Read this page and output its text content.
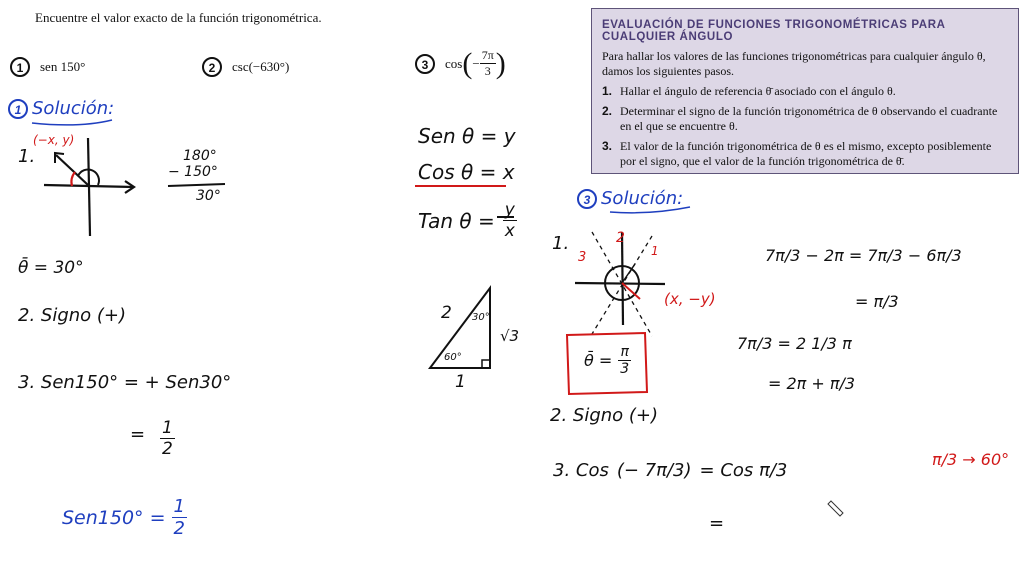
Encuentre el valor exacto de la función trigonométrica.
1	sen 150°	2	csc(−630°)	3	cos ( − $\frac{7\pi}{3}$ )
EVALUACIÓN DE FUNCIONES TRIGONOMÉTRICAS PARA CUALQUIER ÁNGULO
Para hallar los valores de las funciones trigonométricas para cualquier ángulo θ, damos los siguientes pasos.
1. Hallar el ángulo de referencia θ̄ asociado con el ángulo θ.
2. Determinar el signo de la función trigonométrica de θ observando el cuadrante en el que se encuentre θ.
3. El valor de la función trigonométrica de θ es el mismo, excepto posiblemente por el signo, que el valor de la función trigonométrica de θ̄.
1 Solución:
(−x, y)
1.	180°
− 150°
30°
θ̄ = 30°
2. Signo (+)
3. Sen150° = + Sen30°
= $\frac{1}{2}$
$Sen150^\circ = \frac{1}{2}$
Sen θ = y
Cos θ = x
Tan $\theta = \frac{y}{x}$
2
1
√3
30°
60°
3 Solución:
1.	1
2
3
(x, −y)
θ̄ = $\frac{\pi}{3}$
7π/3 − 2π = 7π/3 − 6π/3
= π/3
7π/3 = 2 1/3 π
= 2π + π/3
2. Signo (+)
3. Cos (− 7π/3) = Cos π/3
=
π/3 → 60°
